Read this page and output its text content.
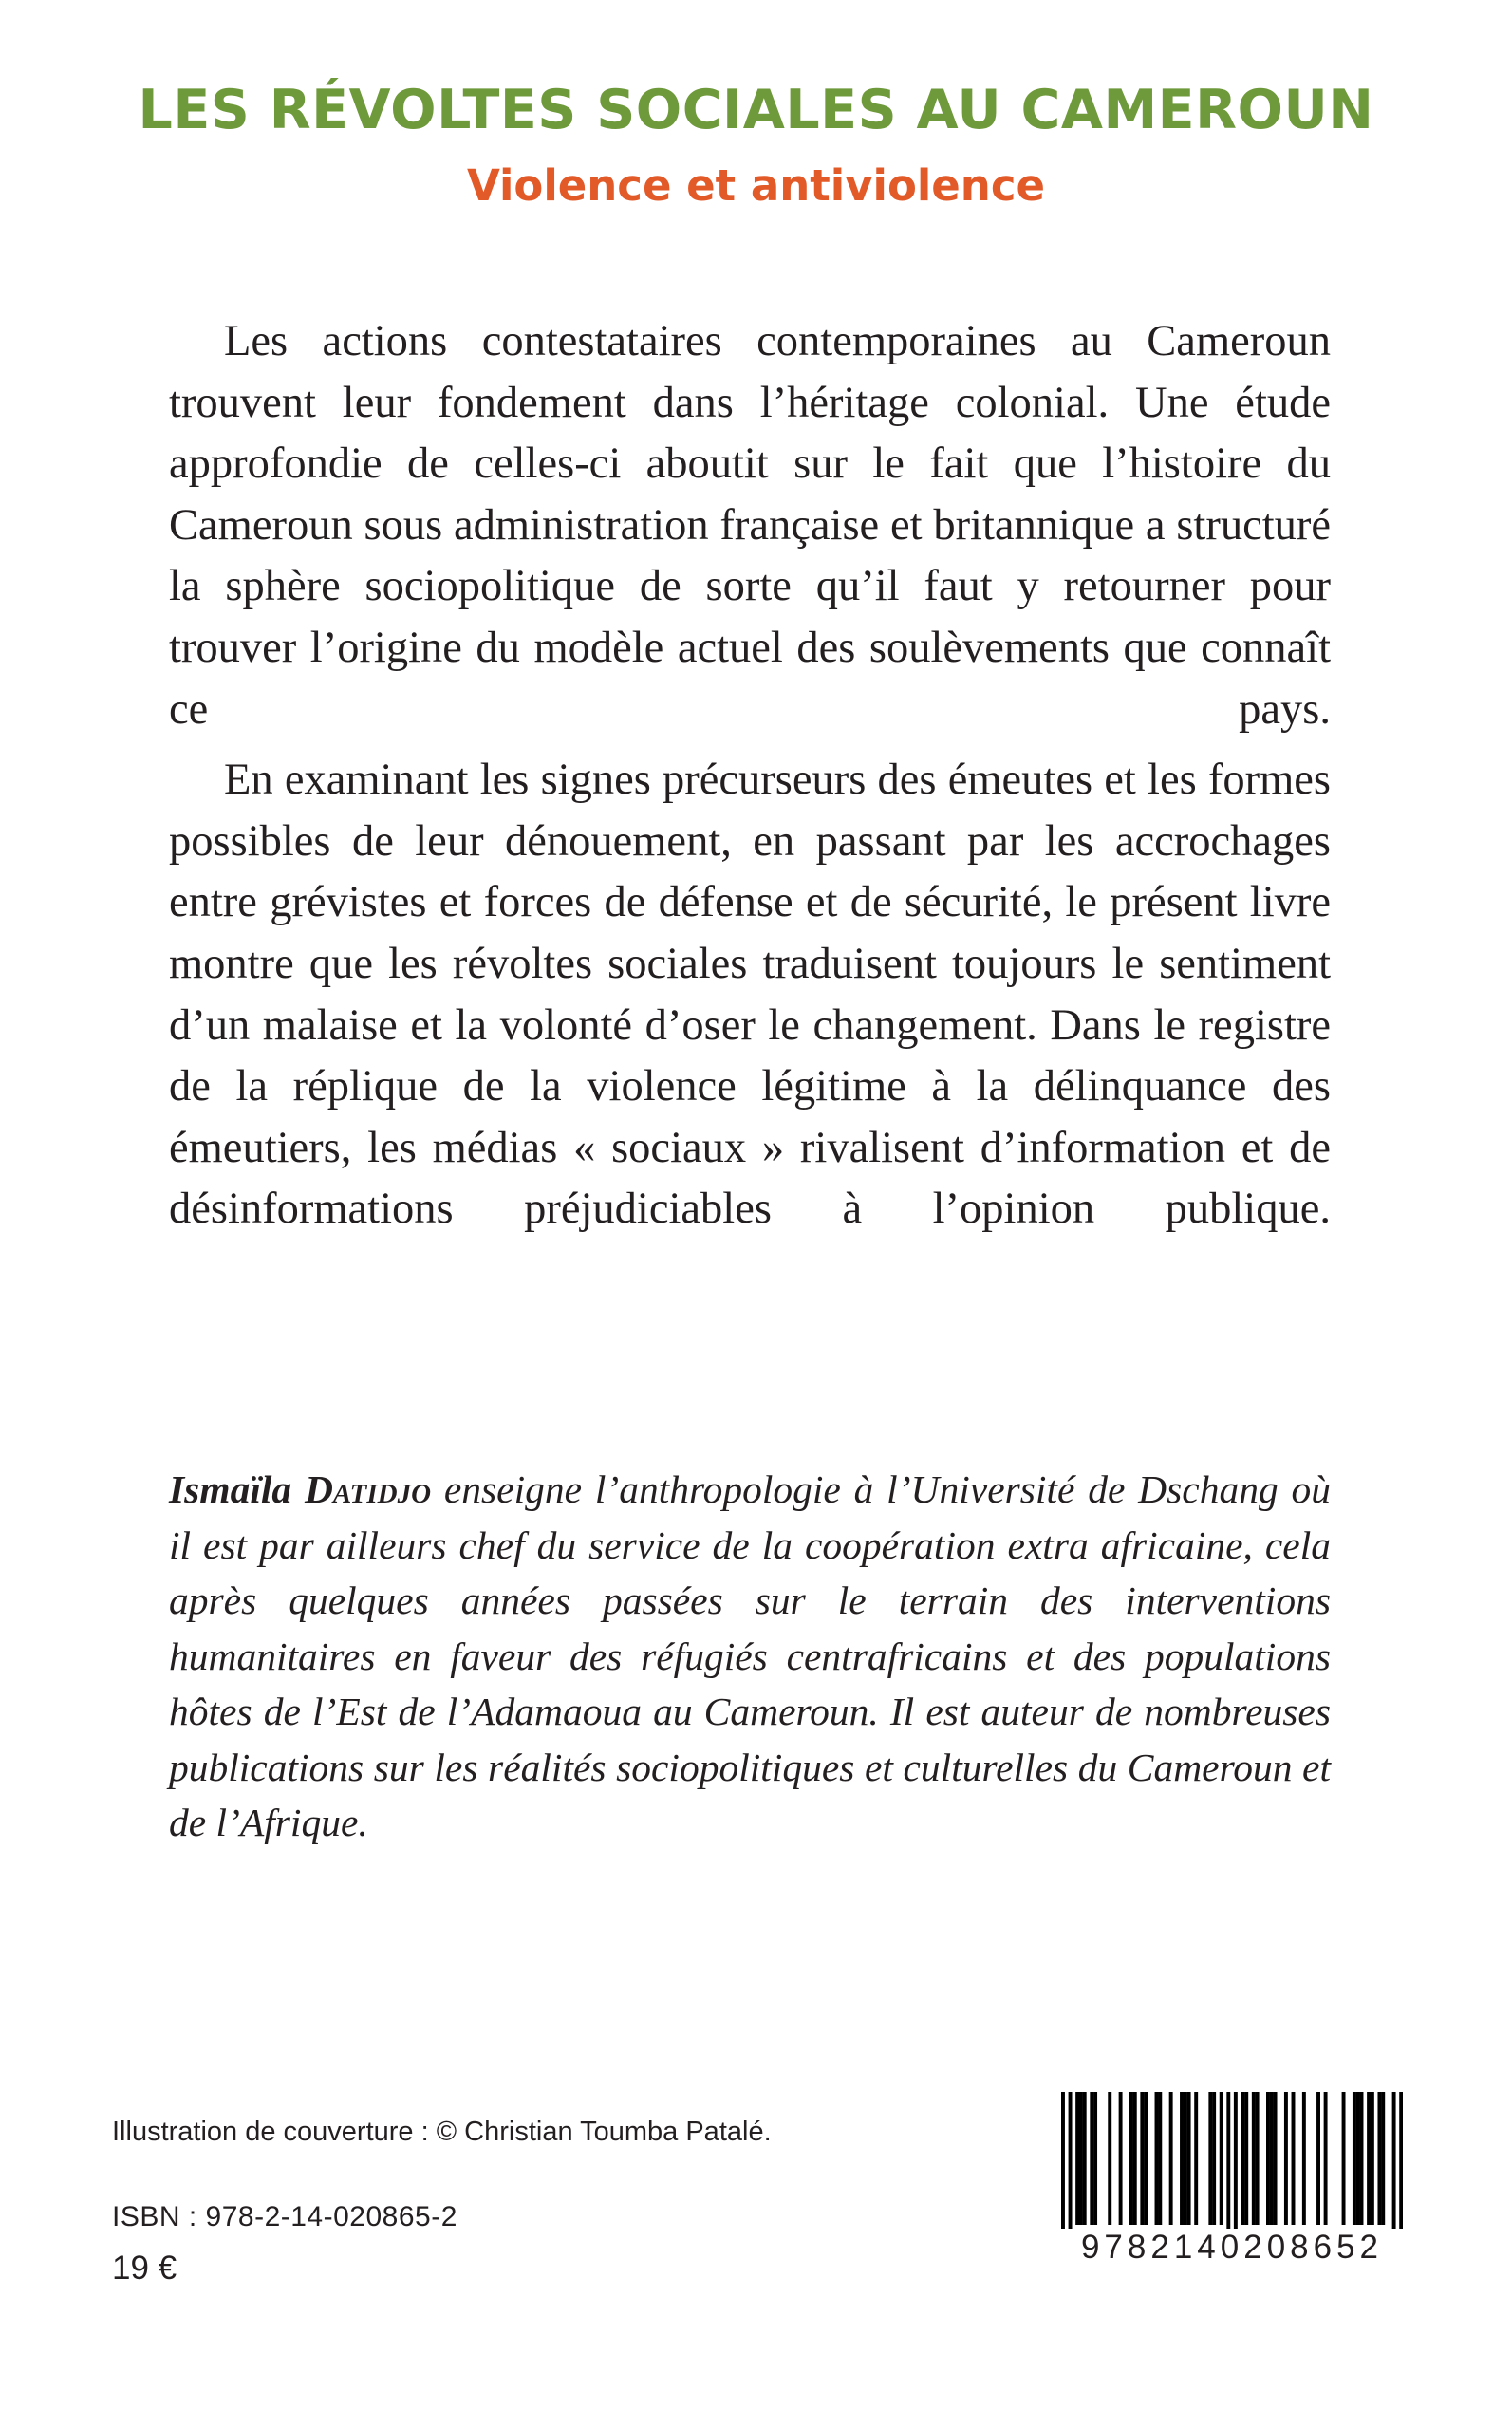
LES RÉVOLTES SOCIALES AU CAMEROUN
Violence et antiviolence

Les actions contestataires contemporaines au Cameroun trouvent leur fondement dans l’héritage colonial. Une étude approfondie de celles-ci aboutit sur le fait que l’histoire du Cameroun sous administration française et britannique a structuré la sphère sociopolitique de sorte qu’il faut y retourner pour trouver l’origine du modèle actuel des soulèvements que connaît ce pays.

En examinant les signes précurseurs des émeutes et les formes possibles de leur dénouement, en passant par les accrochages entre grévistes et forces de défense et de sécurité, le présent livre montre que les révoltes sociales traduisent toujours le sentiment d’un malaise et la volonté d’oser le changement. Dans le registre de la réplique de la violence légitime à la délinquance des émeutiers, les médias « sociaux » rivalisent d’information et de désinformations préjudiciables à l’opinion publique.

Ismaïla Datidjo enseigne l’anthropologie à l’Université de Dschang où il est par ailleurs chef du service de la coopération extra africaine, cela après quelques années passées sur le terrain des interventions humanitaires en faveur des réfugiés centrafricains et des populations hôtes de l’Est de l’Adamaoua au Cameroun. Il est auteur de nombreuses publications sur les réalités sociopolitiques et culturelles du Cameroun et de l’Afrique.

Illustration de couverture : © Christian Toumba Patalé.
ISBN : 978-2-14-020865-2
19 €
9782140208652
